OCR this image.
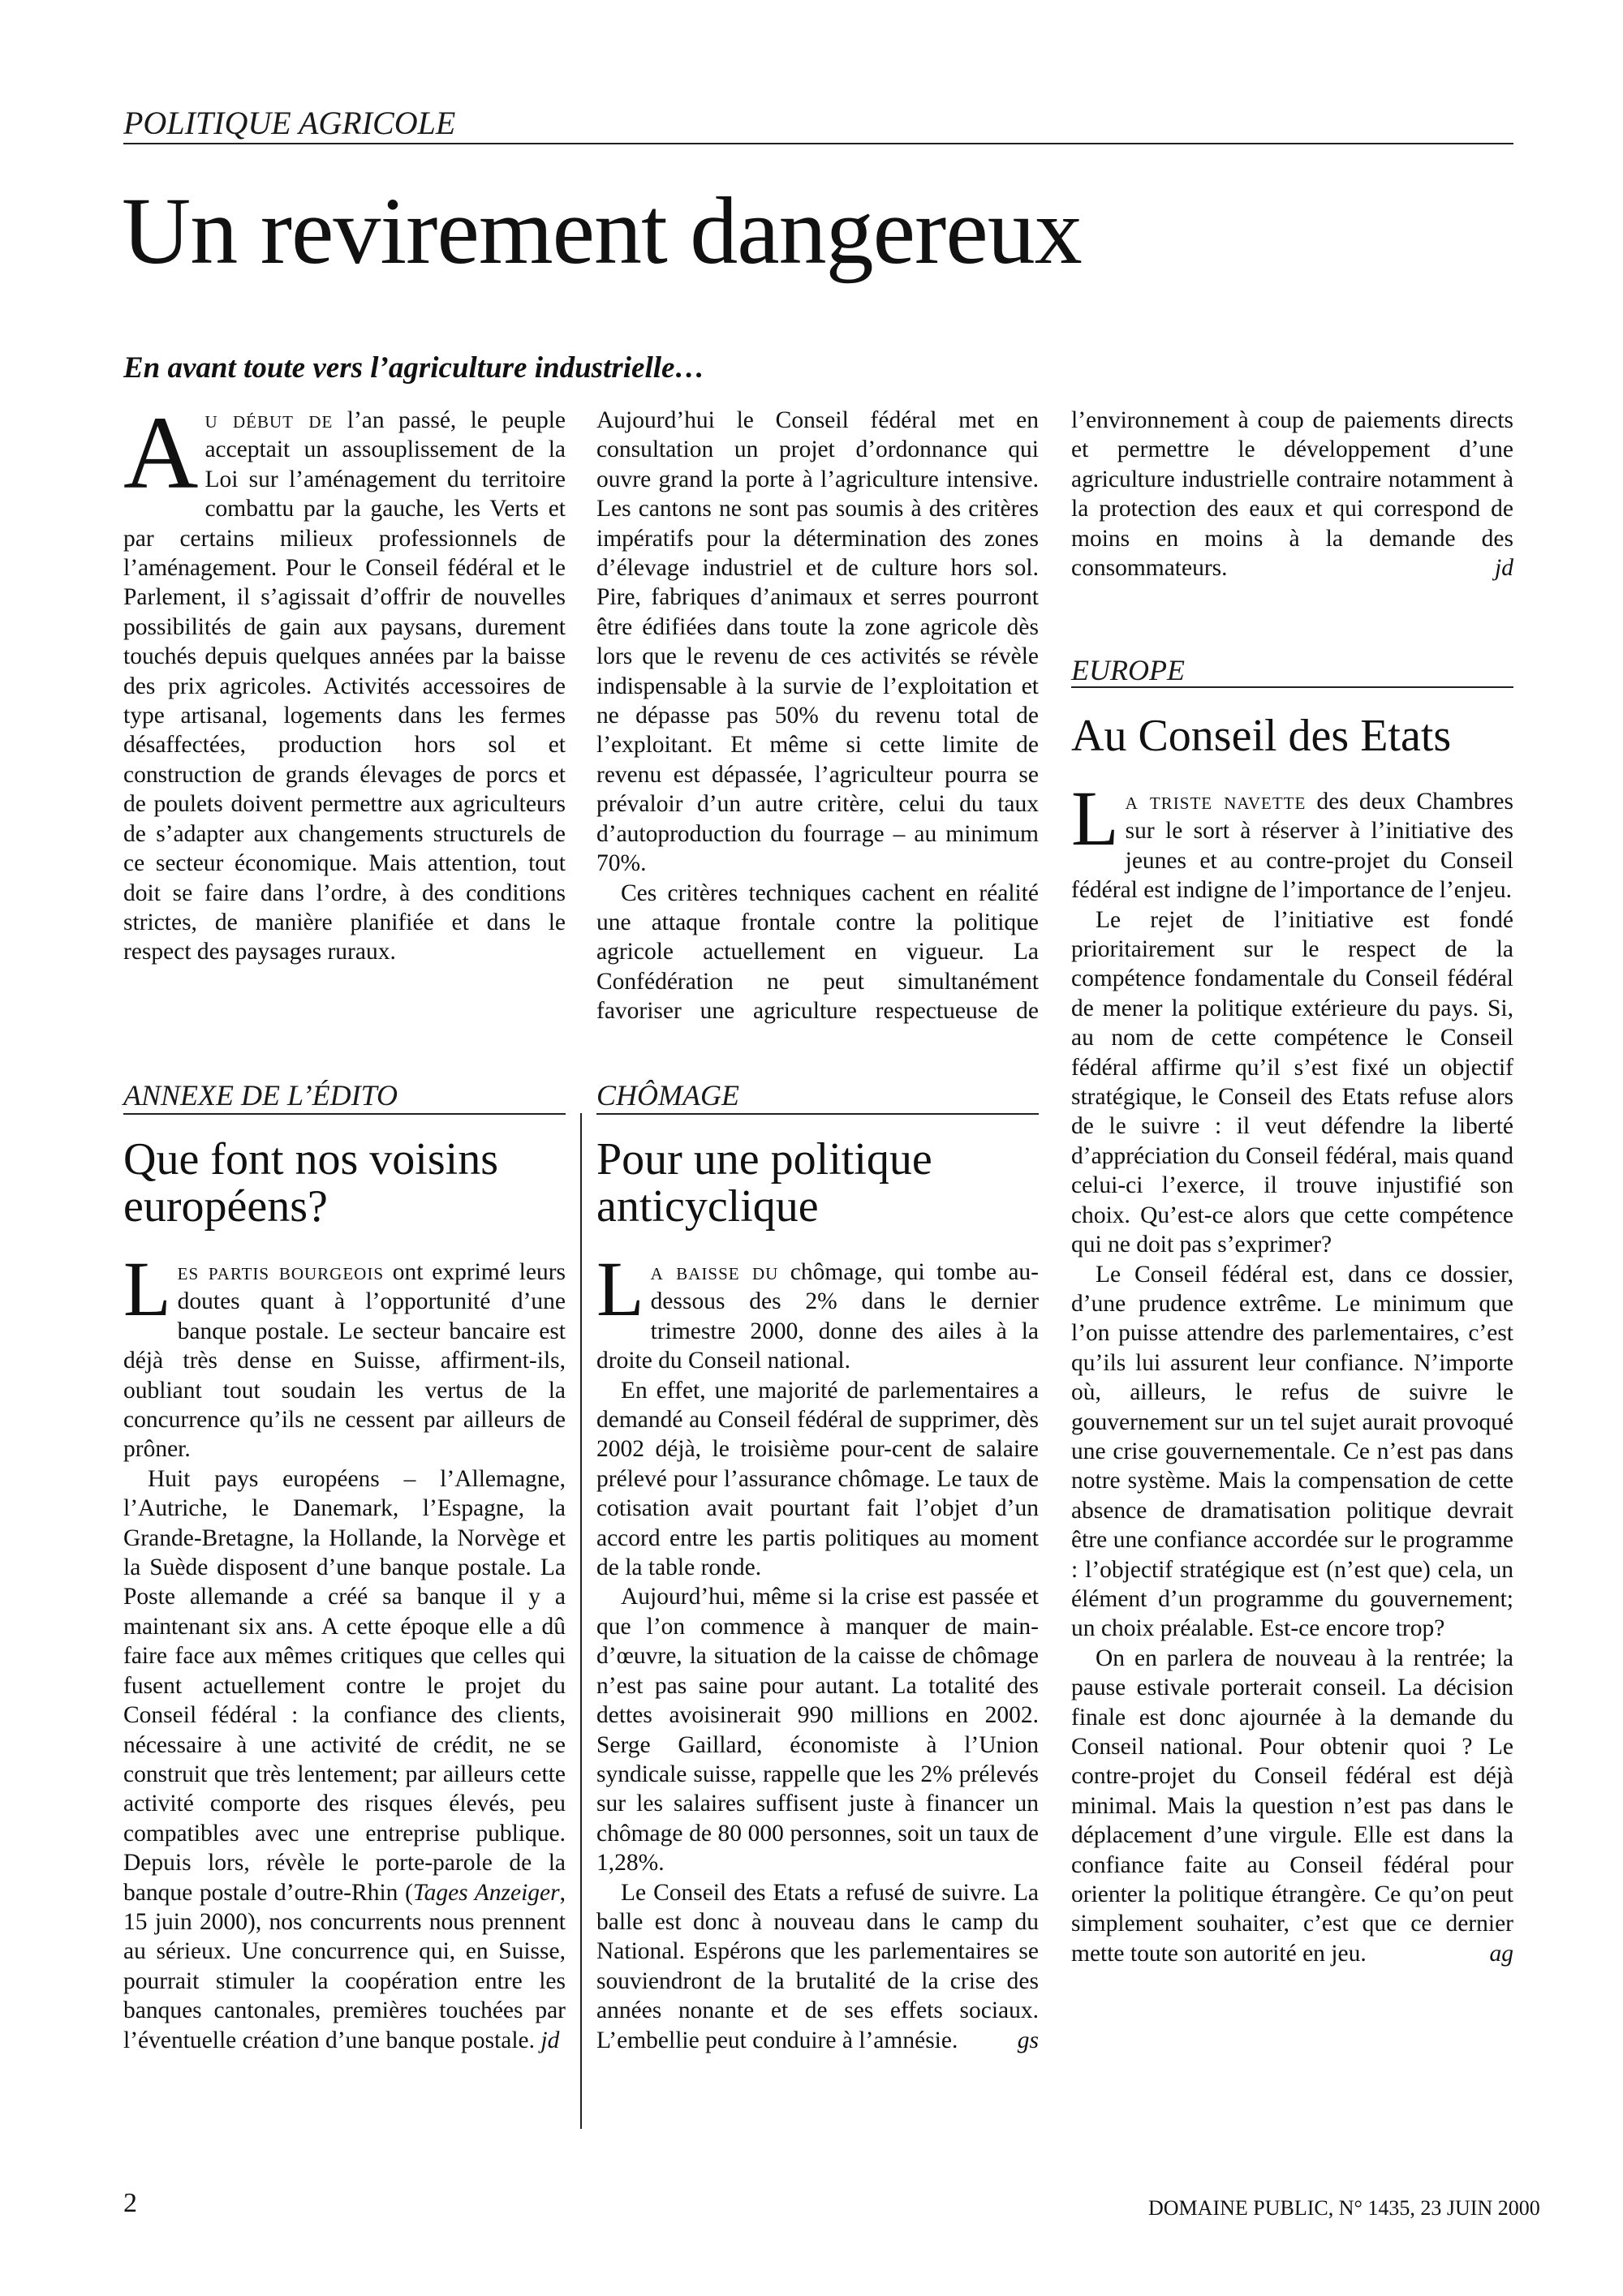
POLITIQUE AGRICOLE
Un revirement dangereux
En avant toute vers l’agriculture industrielle…

Au début de l’an passé, le peuple acceptait un assouplissement de la Loi sur l’aménagement du territoire combattu par la gauche, les Verts et par certains milieux professionnels de l’aménagement. Pour le Conseil fédéral et le Parlement, il s’agissait d’offrir de nouvelles possibilités de gain aux paysans, durement touchés depuis quelques années par la baisse des prix agricoles. Activités accessoires de type artisanal, logements dans les fermes désaffectées, production hors sol et construction de grands élevages de porcs et de poulets doivent permettre aux agriculteurs de s’adapter aux changements structurels de ce secteur économique. Mais attention, tout doit se faire dans l’ordre, à des conditions strictes, de manière planifiée et dans le respect des paysages ruraux.

Aujourd’hui le Conseil fédéral met en consultation un projet d’ordonnance qui ouvre grand la porte à l’agriculture intensive. Les cantons ne sont pas soumis à des critères impératifs pour la détermination des zones d’élevage industriel et de culture hors sol. Pire, fabriques d’animaux et serres pourront être édifiées dans toute la zone agricole dès lors que le revenu de ces activités se révèle indispensable à la survie de l’exploitation et ne dépasse pas 50% du revenu total de l’exploitant. Et même si cette limite de revenu est dépassée, l’agriculteur pourra se prévaloir d’un autre critère, celui du taux d’autoproduction du fourrage – au minimum 70%.

Ces critères techniques cachent en réalité une attaque frontale contre la politique agricole actuellement en vigueur. La Confédération ne peut simultanément favoriser une agriculture respectueuse de l’environnement à coup de paiements directs et permettre le développement d’une agriculture industrielle contraire notamment à la protection des eaux et qui correspond de moins en moins à la demande des consommateurs.	jd

ANNEXE DE L’ÉDITO
Que font nos voisins européens?

Les partis bourgeois ont exprimé leurs doutes quant à l’opportunité d’une banque postale. Le secteur bancaire est déjà très dense en Suisse, affirment-ils, oubliant tout soudain les vertus de la concurrence qu’ils ne cessent par ailleurs de prôner.

Huit pays européens – l’Allemagne, l’Autriche, le Danemark, l’Espagne, la Grande-Bretagne, la Hollande, la Norvège et la Suède disposent d’une banque postale. La Poste allemande a créé sa banque il y a maintenant six ans. A cette époque elle a dû faire face aux mêmes critiques que celles qui fusent actuellement contre le projet du Conseil fédéral : la confiance des clients, nécessaire à une activité de crédit, ne se construit que très lentement; par ailleurs cette activité comporte des risques élevés, peu compatibles avec une entreprise publique. Depuis lors, révèle le porte-parole de la banque postale d’outre-Rhin (Tages Anzeiger, 15 juin 2000), nos concurrents nous prennent au sérieux. Une concurrence qui, en Suisse, pourrait stimuler la coopération entre les banques cantonales, premières touchées par l’éventuelle création d’une banque postale. jd

CHÔMAGE
Pour une politique anticyclique

La baisse du chômage, qui tombe au-dessous des 2% dans le dernier trimestre 2000, donne des ailes à la droite du Conseil national.

En effet, une majorité de parlementaires a demandé au Conseil fédéral de supprimer, dès 2002 déjà, le troisième pour-cent de salaire prélevé pour l’assurance chômage. Le taux de cotisation avait pourtant fait l’objet d’un accord entre les partis politiques au moment de la table ronde.

Aujourd’hui, même si la crise est passée et que l’on commence à manquer de main-d’œuvre, la situation de la caisse de chômage n’est pas saine pour autant. La totalité des dettes avoisinerait 990 millions en 2002. Serge Gaillard, économiste à l’Union syndicale suisse, rappelle que les 2% prélevés sur les salaires suffisent juste à financer un chômage de 80 000 personnes, soit un taux de 1,28%.

Le Conseil des Etats a refusé de suivre. La balle est donc à nouveau dans le camp du National. Espérons que les parlementaires se souviendront de la brutalité de la crise des années nonante et de ses effets sociaux. L’embellie peut conduire à l’amnésie.	gs

EUROPE
Au Conseil des Etats

La triste navette des deux Chambres sur le sort à réserver à l’initiative des jeunes et au contre-projet du Conseil fédéral est indigne de l’importance de l’enjeu.

Le rejet de l’initiative est fondé prioritairement sur le respect de la compétence fondamentale du Conseil fédéral de mener la politique extérieure du pays. Si, au nom de cette compétence le Conseil fédéral affirme qu’il s’est fixé un objectif stratégique, le Conseil des Etats refuse alors de le suivre : il veut défendre la liberté d’appréciation du Conseil fédéral, mais quand celui-ci l’exerce, il trouve injustifié son choix. Qu’est-ce alors que cette compétence qui ne doit pas s’exprimer?

Le Conseil fédéral est, dans ce dossier, d’une prudence extrême. Le minimum que l’on puisse attendre des parlementaires, c’est qu’ils lui assurent leur confiance. N’importe où, ailleurs, le refus de suivre le gouvernement sur un tel sujet aurait provoqué une crise gouvernementale. Ce n’est pas dans notre système. Mais la compensation de cette absence de dramatisation politique devrait être une confiance accordée sur le programme : l’objectif stratégique est (n’est que) cela, un élément d’un programme du gouvernement; un choix préalable. Est-ce encore trop?

On en parlera de nouveau à la rentrée; la pause estivale porterait conseil. La décision finale est donc ajournée à la demande du Conseil national. Pour obtenir quoi ? Le contre-projet du Conseil fédéral est déjà minimal. Mais la question n’est pas dans le déplacement d’une virgule. Elle est dans la confiance faite au Conseil fédéral pour orienter la politique étrangère. Ce qu’on peut simplement souhaiter, c’est que ce dernier mette toute son autorité en jeu.	ag

2	DOMAINE PUBLIC, N° 1435, 23 JUIN 2000
